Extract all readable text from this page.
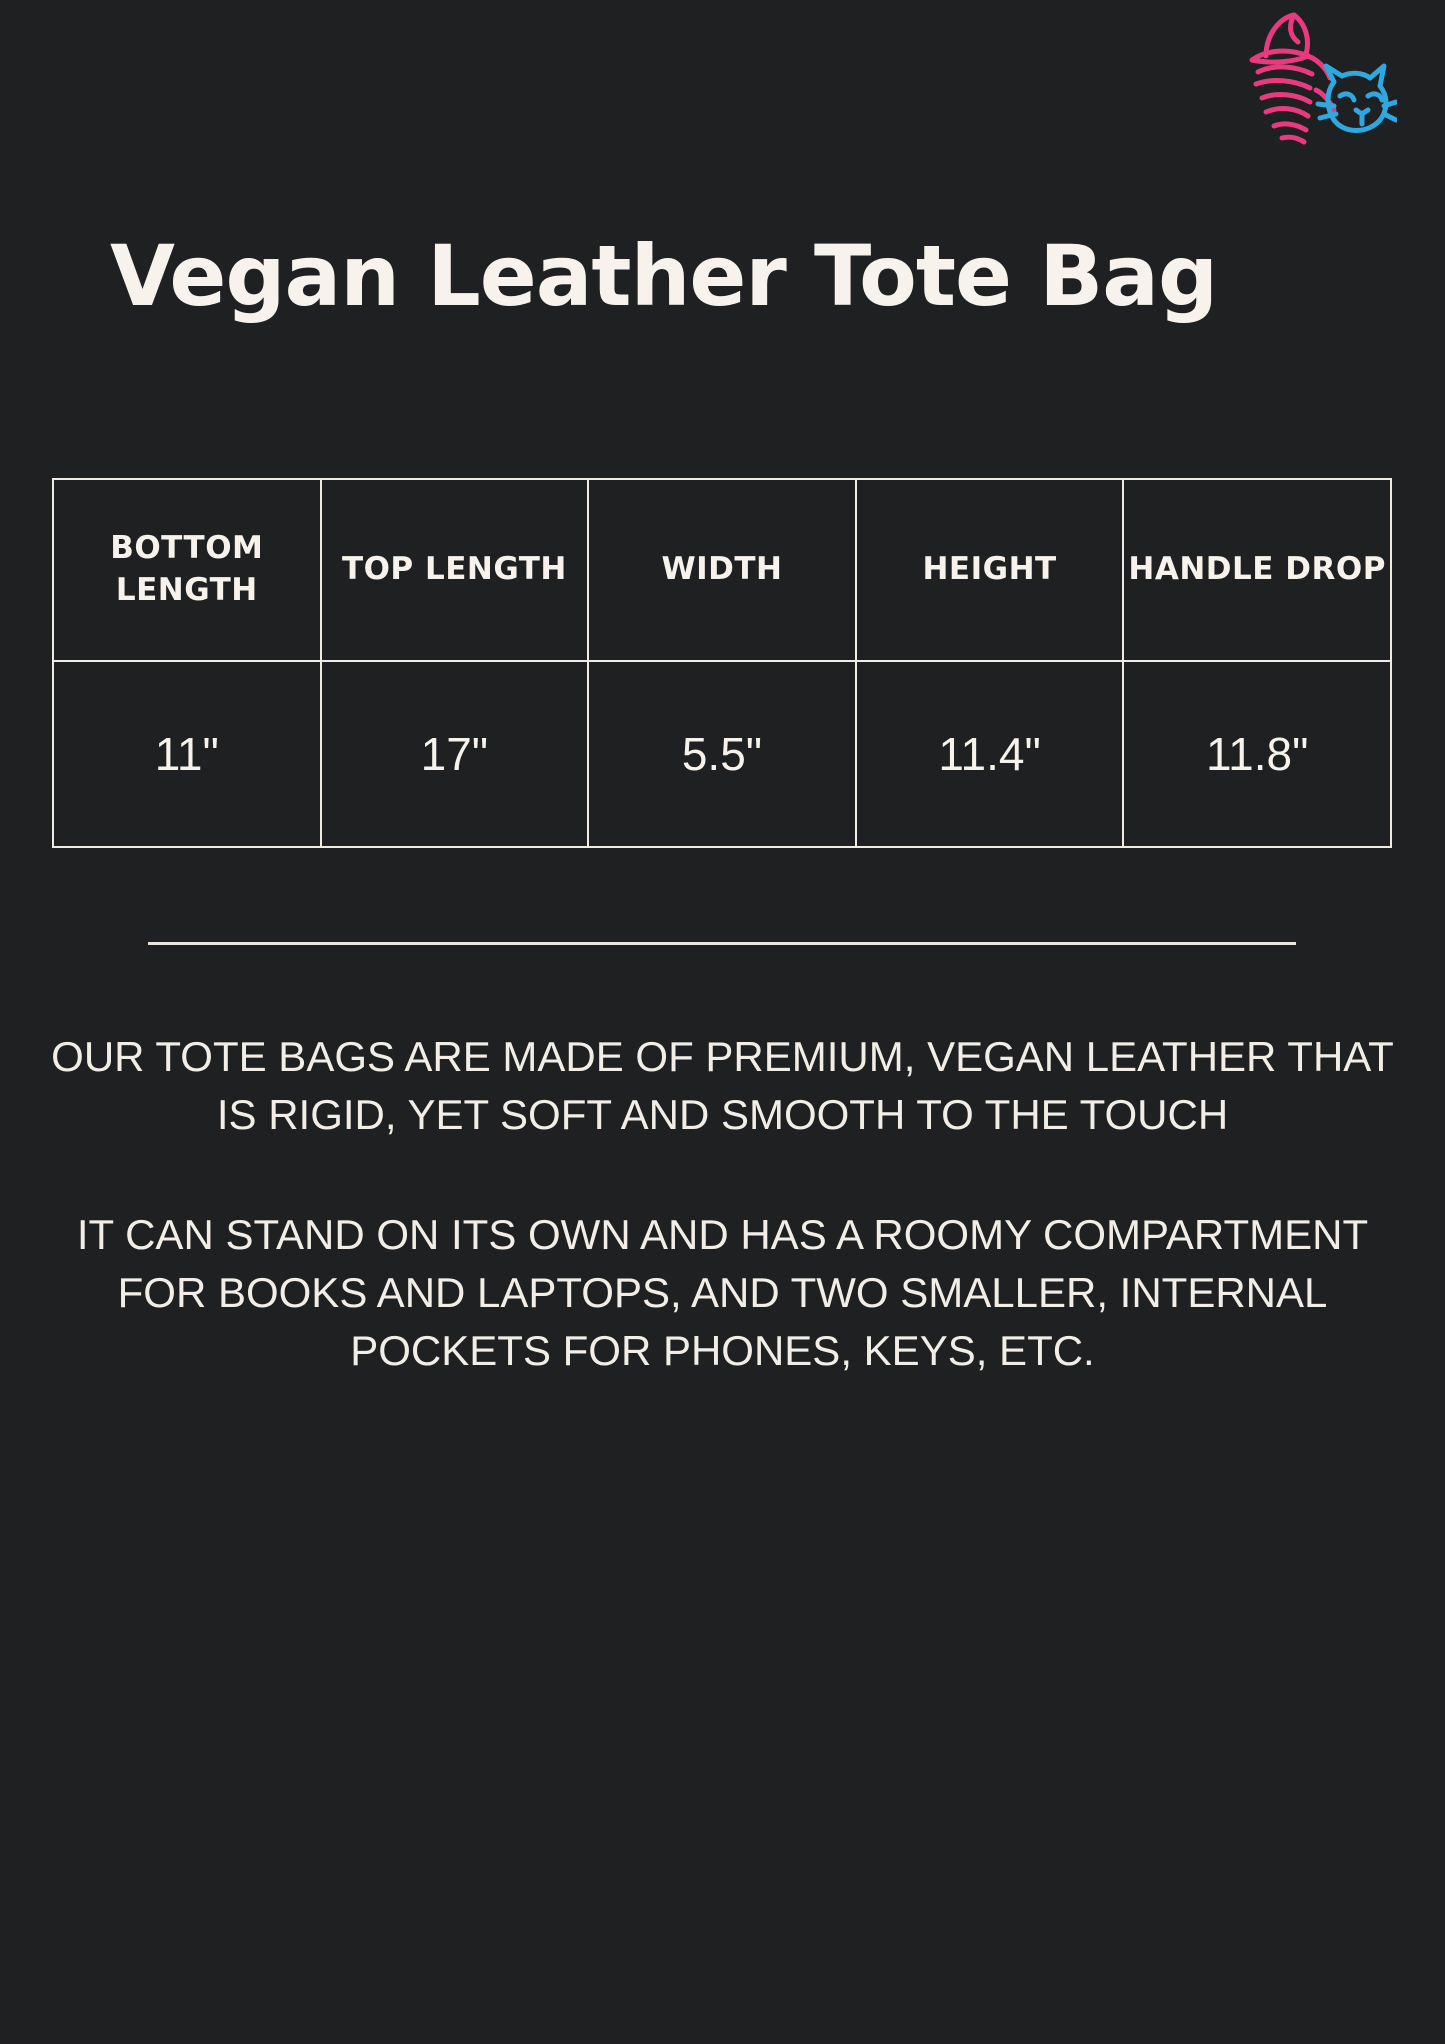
Vegan Leather Tote Bag
BOTTOM LENGTH	TOP LENGTH	WIDTH	HEIGHT	HANDLE DROP
11"	17"	5.5"	11.4"	11.8"

OUR TOTE BAGS ARE MADE OF PREMIUM, VEGAN LEATHER THAT IS RIGID, YET SOFT AND SMOOTH TO THE TOUCH

IT CAN STAND ON ITS OWN AND HAS A ROOMY COMPARTMENT FOR BOOKS AND LAPTOPS, AND TWO SMALLER, INTERNAL POCKETS FOR PHONES, KEYS, ETC.
